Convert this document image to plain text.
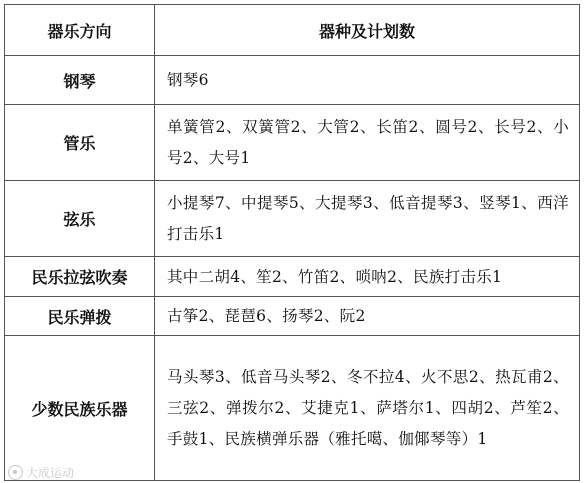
器乐方向	器种及计划数
钢琴	钢琴6
管乐	单簧管2、双簧管2、大管2、长笛2、圆号2、长号2、小号2、大号1
弦乐	小提琴7、中提琴5、大提琴3、低音提琴3、竖琴1、西洋打击乐1
民乐拉弦吹奏	其中二胡4、笙2、竹笛2、唢呐2、民族打击乐1
民乐弹拨	古筝2、琵琶6、扬琴2、阮2
少数民族乐器	马头琴3、低音马头琴2、冬不拉4、火不思2、热瓦甫2、三弦2、弹拨尔2、艾捷克1、萨塔尔1、四胡2、芦笙2、手鼓1、民族横弹乐器（雅托噶、伽倻琴等）1
大成运动
